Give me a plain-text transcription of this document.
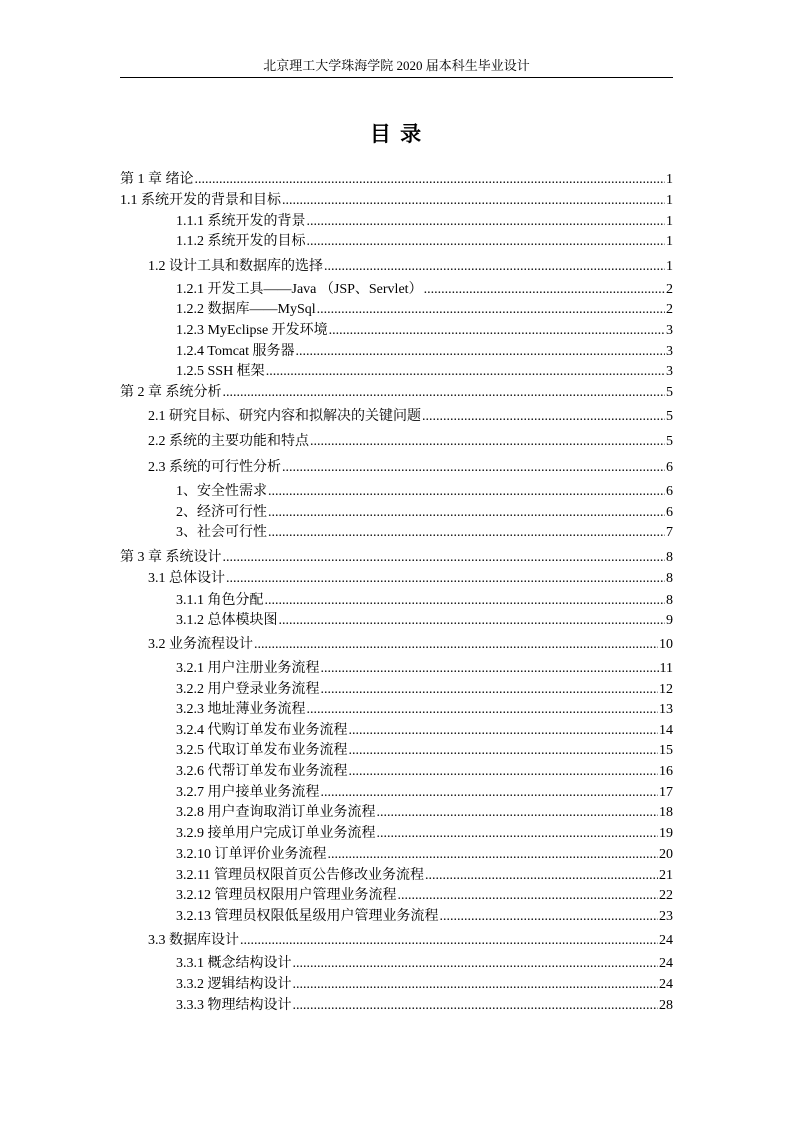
北京理工大学珠海学院 2020 届本科生毕业设计
目 录
第 1 章 绪论 .....	1
1.1 系统开发的背景和目标 .....	1
1.1.1 系统开发的背景 .....	1
1.1.2 系统开发的目标 .....	1
1.2 设计工具和数据库的选择 .....	1
1.2.1 开发工具——Java （JSP、Servlet） .....	2
1.2.2 数据库——MySql .....	2
1.2.3 MyEclipse 开发环境 .....	3
1.2.4 Tomcat 服务器 .....	3
1.2.5 SSH 框架 .....	3
第 2 章 系统分析 .....	5
2.1 研究目标、研究内容和拟解决的关键问题 .....	5
2.2 系统的主要功能和特点 .....	5
2.3 系统的可行性分析 .....	6
1、安全性需求 .....	6
2、经济可行性 .....	6
3、社会可行性 .....	7
第 3 章 系统设计 .....	8
3.1 总体设计 .....	8
3.1.1 角色分配 .....	8
3.1.2 总体模块图 .....	9
3.2 业务流程设计 .....	10
3.2.1 用户注册业务流程 .....	11
3.2.2 用户登录业务流程 .....	12
3.2.3 地址薄业务流程 .....	13
3.2.4 代购订单发布业务流程 .....	14
3.2.5 代取订单发布业务流程 .....	15
3.2.6 代帮订单发布业务流程 .....	16
3.2.7 用户接单业务流程 .....	17
3.2.8 用户查询取消订单业务流程 .....	18
3.2.9 接单用户完成订单业务流程 .....	19
3.2.10 订单评价业务流程 .....	20
3.2.11 管理员权限首页公告修改业务流程 .....	21
3.2.12 管理员权限用户管理业务流程 .....	22
3.2.13 管理员权限低星级用户管理业务流程 .....	23
3.3 数据库设计 .....	24
3.3.1 概念结构设计 .....	24
3.3.2 逻辑结构设计 .....	24
3.3.3 物理结构设计 .....	28
